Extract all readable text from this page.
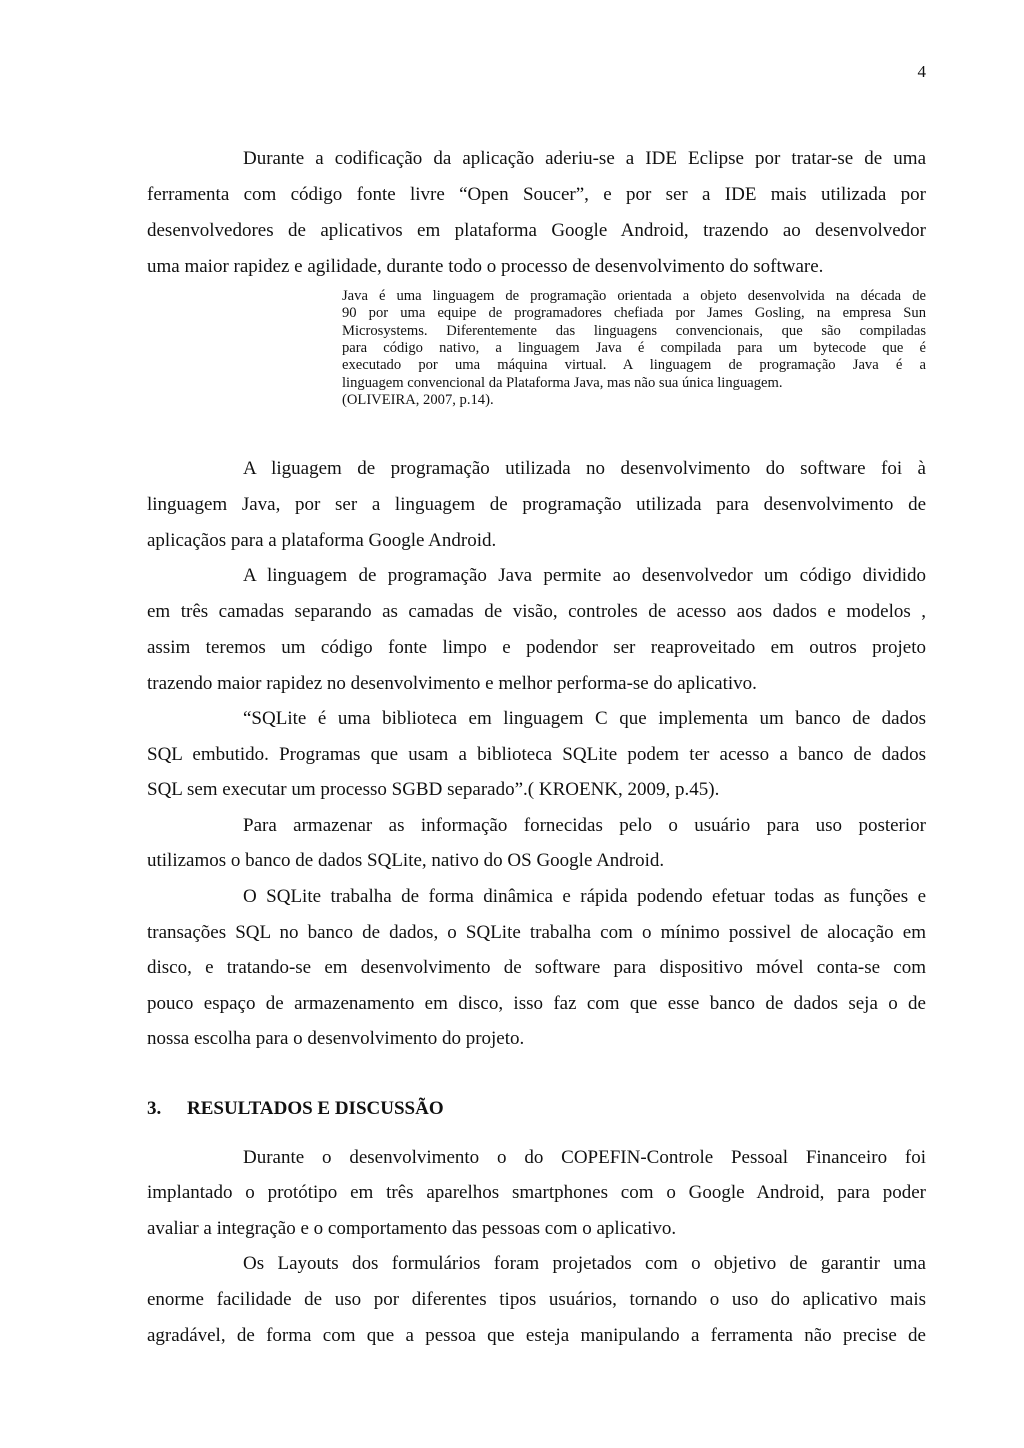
4
3. RESULTADOS E DISCUSSÃO
Durante a codificação da aplicação aderiu-se a IDE Eclipse por tratar-se de uma
ferramenta com código fonte livre “Open Soucer”, e por ser a IDE mais utilizada por
desenvolvedores de aplicativos em plataforma Google Android, trazendo ao desenvolvedor
uma maior rapidez e agilidade, durante todo o processo de desenvolvimento do software.
Java é uma linguagem de programação orientada a objeto desenvolvida na década de
90 por uma equipe de programadores chefiada por James Gosling, na empresa Sun
Microsystems. Diferentemente das linguagens convencionais, que são compiladas
para código nativo, a linguagem Java é compilada para um bytecode que é
executado por uma máquina virtual. A linguagem de programação Java é a
linguagem convencional da Plataforma Java, mas não sua única linguagem.
(OLIVEIRA, 2007, p.14).
A liguagem de programação utilizada no desenvolvimento do software foi à
linguagem Java, por ser a linguagem de programação utilizada para desenvolvimento de
aplicaçãos para a plataforma Google Android.
A linguagem de programação Java permite ao desenvolvedor um código dividido
em três camadas separando as camadas de visão, controles de acesso aos dados e modelos ,
assim teremos um código fonte limpo e podendor ser reaproveitado em outros projeto
trazendo maior rapidez no desenvolvimento e melhor performa-se do aplicativo.
“SQLite é uma biblioteca em linguagem C que implementa um banco de dados
SQL embutido. Programas que usam a biblioteca SQLite podem ter acesso a banco de dados
SQL sem executar um processo SGBD separado”.( KROENK, 2009, p.45).
Para armazenar as informação fornecidas pelo o usuário para uso posterior
utilizamos o banco de dados SQLite, nativo do OS Google Android.
O SQLite trabalha de forma dinâmica e rápida podendo efetuar todas as funções e
transações SQL no banco de dados, o SQLite trabalha com o mínimo possivel de alocação em
disco, e tratando-se em desenvolvimento de software para dispositivo móvel conta-se com
pouco espaço de armazenamento em disco, isso faz com que esse banco de dados seja o de
nossa escolha para o desenvolvimento do projeto.
Durante o desenvolvimento o do COPEFIN-Controle Pessoal Financeiro foi
implantado o protótipo em três aparelhos smartphones com o Google Android, para poder
avaliar a integração e o comportamento das pessoas com o aplicativo.
Os Layouts dos formulários foram projetados com o objetivo de garantir uma
enorme facilidade de uso por diferentes tipos usuários, tornando o uso do aplicativo mais
agradável, de forma com que a pessoa que esteja manipulando a ferramenta não precise de
